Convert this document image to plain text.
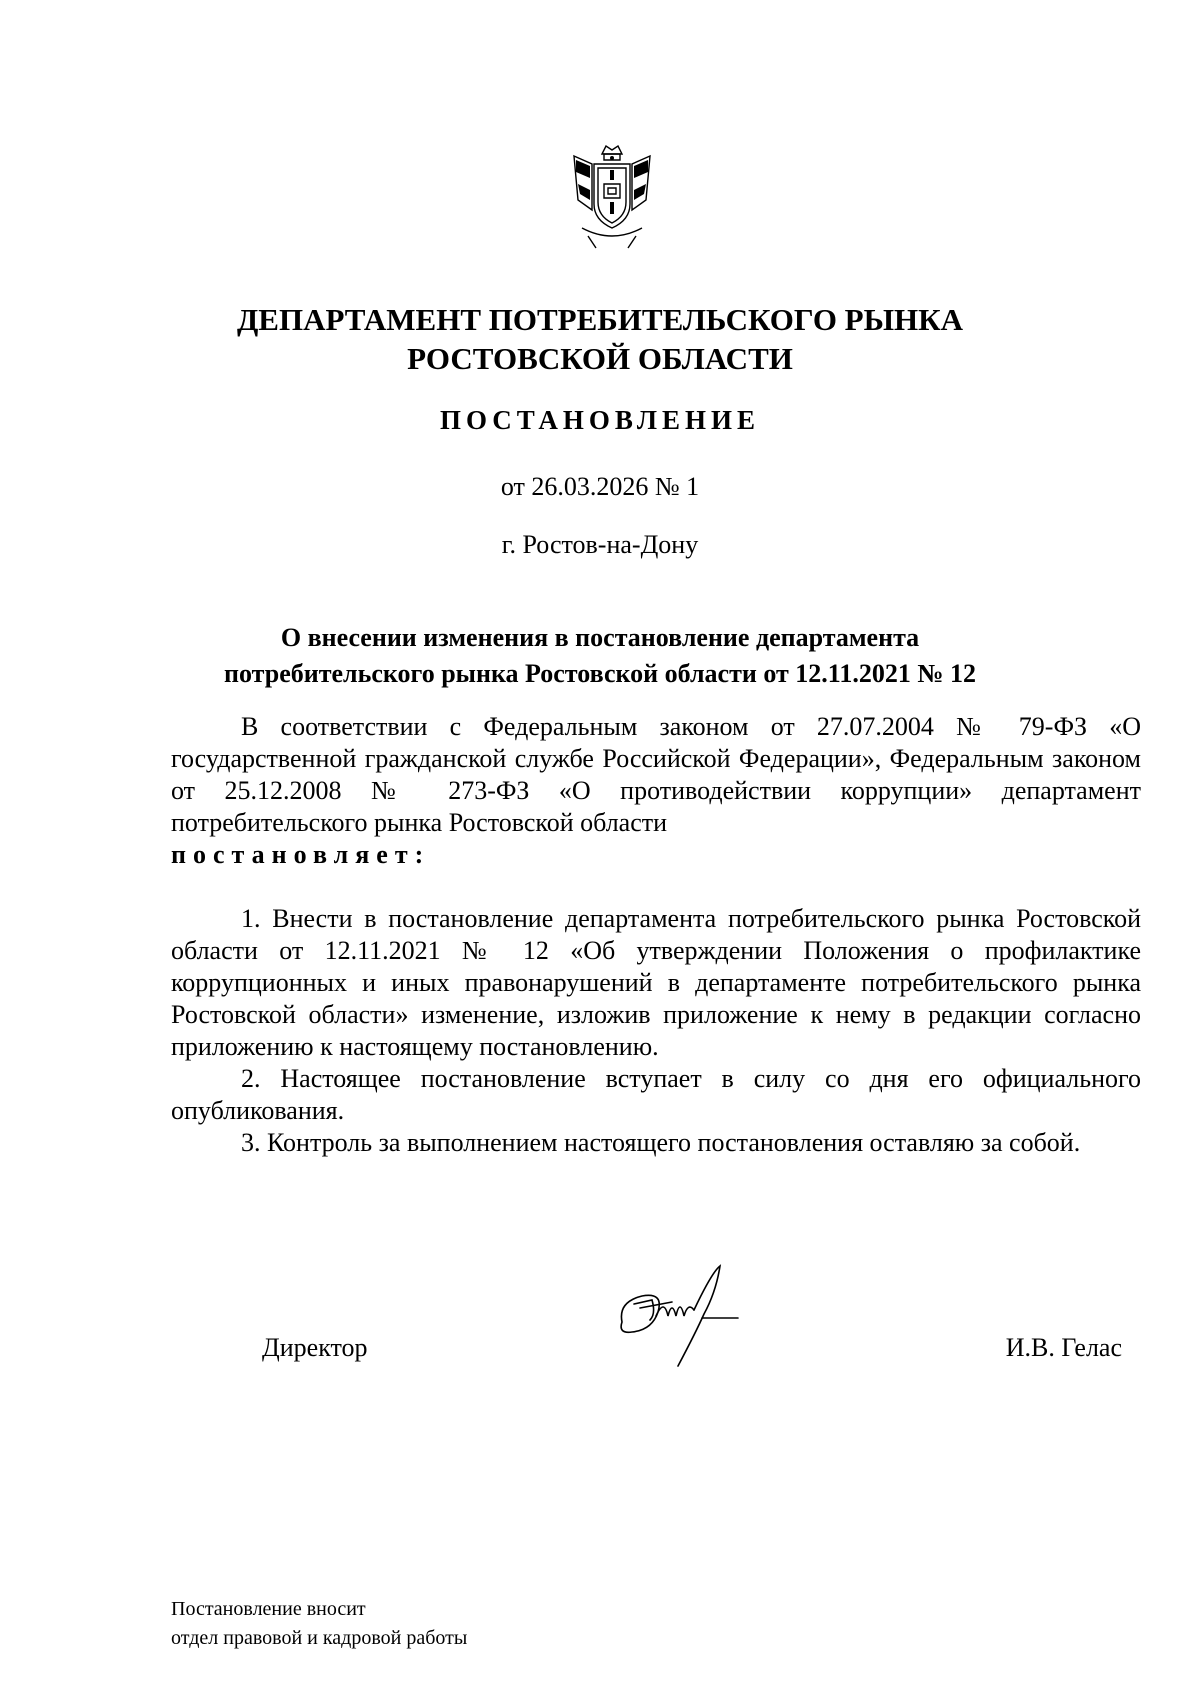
ДЕПАРТАМЕНТ ПОТРЕБИТЕЛЬСКОГО РЫНКА
РОСТОВСКОЙ ОБЛАСТИ
ПОСТАНОВЛЕНИЕ
от 26.03.2026 № 1
г. Ростов-на-Дону
О внесении изменения в постановление департамента
потребительского рынка Ростовской области от 12.11.2021 № 12
В соответствии с Федеральным законом от 27.07.2004 № 79-ФЗ «О государственной гражданской службе Российской Федерации», Федеральным законом от 25.12.2008 № 273-ФЗ «О противодействии коррупции» департамент потребительского рынка Ростовской области
постановляет:

1. Внести в постановление департамента потребительского рынка Ростовской области от 12.11.2021 № 12 «Об утверждении Положения о профилактике коррупционных и иных правонарушений в департаменте потребительского рынка Ростовской области» изменение, изложив приложение к нему в редакции согласно приложению к настоящему постановлению.

2. Настоящее постановление вступает в силу со дня его официального опубликования.

3. Контроль за выполнением настоящего постановления оставляю за собой.

Директор	И.В. Гелас
Постановление вносит
отдел правовой и кадровой работы
